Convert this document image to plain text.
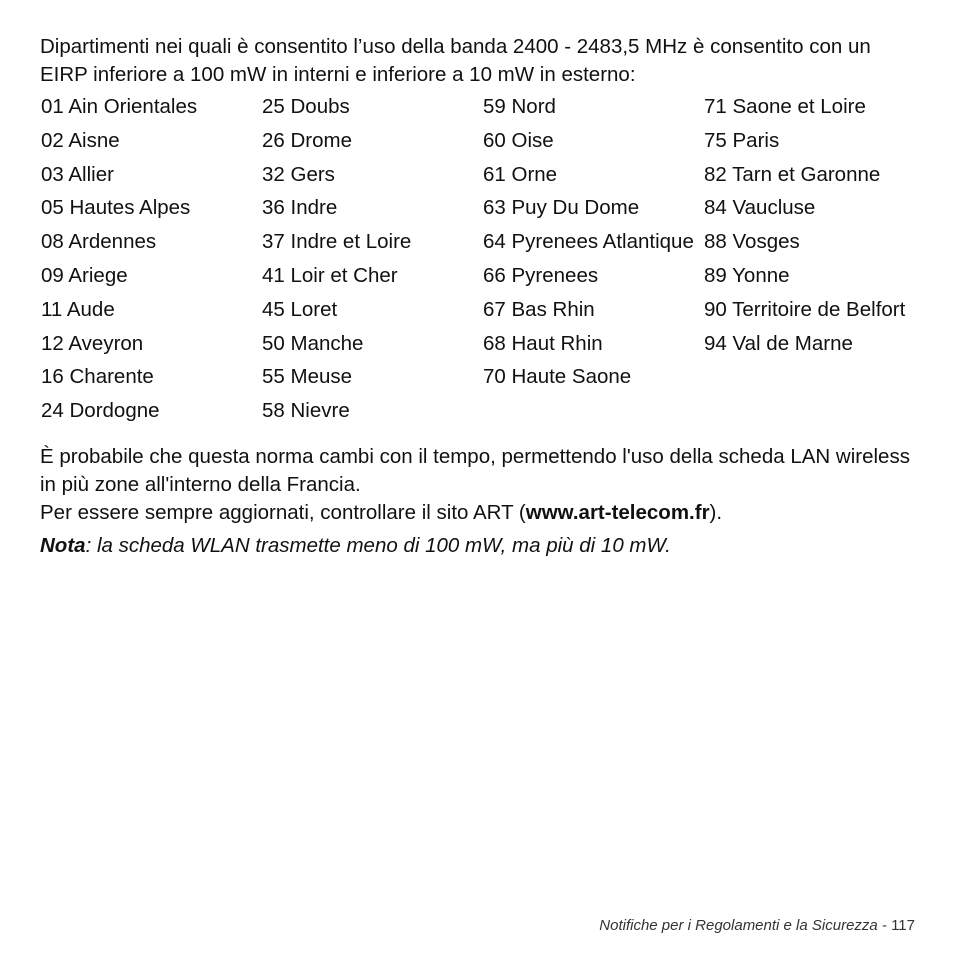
Dipartimenti nei quali è consentito l’uso della banda 2400 - 2483,5 MHz è consentito con un EIRP inferiore a 100 mW in interni e inferiore a 10 mW in esterno:

01 Ain Orientales
02 Aisne
03 Allier
05 Hautes Alpes
08 Ardennes
09 Ariege
11 Aude
12 Aveyron
16 Charente
24 Dordogne
25 Doubs
26 Drome
32 Gers
36 Indre
37 Indre et Loire
41 Loir et Cher
45 Loret
50 Manche
55 Meuse
58 Nievre
59 Nord
60 Oise
61 Orne
63 Puy Du Dome
64 Pyrenees Atlantique
66 Pyrenees
67 Bas Rhin
68 Haut Rhin
70 Haute Saone
71 Saone et Loire
75 Paris
82 Tarn et Garonne
84 Vaucluse
88 Vosges
89 Yonne
90 Territoire de Belfort
94 Val de Marne

È probabile che questa norma cambi con il tempo, permettendo l'uso della scheda LAN wireless in più zone all'interno della Francia.

Per essere sempre aggiornati, controllare il sito ART (www.art-telecom.fr).

Nota: la scheda WLAN trasmette meno di 100 mW, ma più di 10 mW.

Notifiche per i Regolamenti e la Sicurezza - 117
